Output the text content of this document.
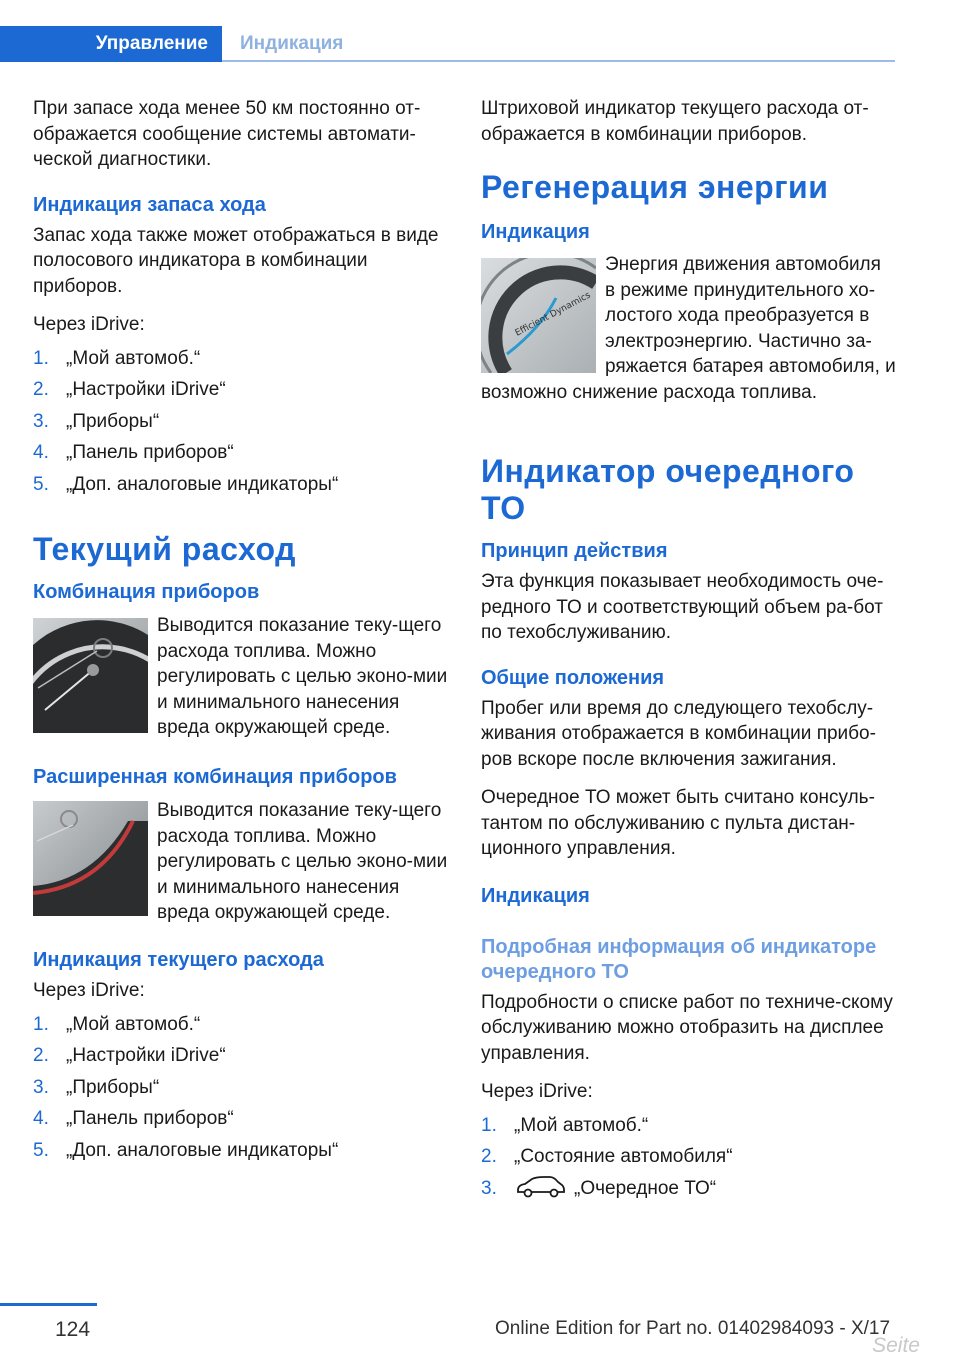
Управление Индикация

При запасе хода менее 50 км постоянно от-ображается сообщение системы автомати-ческой диагностики.

Индикация запаса хода

Запас хода также может отображаться в виде полосового индикатора в комбинации приборов.

Через iDrive:

1. „Мой автомоб.“
2. „Настройки iDrive“
3. „Приборы“
4. „Панель приборов“
5. „Доп. аналоговые индикаторы“
Текущий расход
Комбинация приборов

Выводится показание теку-щего расхода топлива. Можно регулировать с целью эконо-мии и минимального нанесения вреда окружающей среде.

Расширенная комбинация приборов

Выводится показание теку-щего расхода топлива. Можно регулировать с целью эконо-мии и минимального нанесения вреда окружающей среде.

Индикация текущего расхода

Через iDrive:

1. „Мой автомоб.“
2. „Настройки iDrive“
3. „Приборы“
4. „Панель приборов“
5. „Доп. аналоговые индикаторы“

Штриховой индикатор текущего расхода от-ображается в комбинации приборов.

Регенерация энергии
Индикация
Efficient Dynamics

Энергия движения автомобиля в режиме принудительного хо-лостого хода преобразуется в электроэнергию. Частично за-ряжается батарея автомобиля, и возможно снижение расхода топлива.

Индикатор очередного ТО
Принцип действия

Эта функция показывает необходимость оче-редного ТО и соответствующий объем ра-бот по техобслуживанию.

Общие положения

Пробег или время до следующего техобслу-живания отображается в комбинации прибо-ров вскоре после включения зажигания.

Очередное ТО может быть считано консуль-тантом по обслуживанию с пульта дистан-ционного управления.

Индикация
Подробная информация об индикаторе очередного ТО

Подробности о списке работ по техниче-скому обслуживанию можно отобразить на дисплее управления.

Через iDrive:

1. „Мой автомоб.“
2. „Состояние автомобиля“
3.	„Очередное ТО“
124	Online Edition for Part no. 01402984093 - X/17
Seite
